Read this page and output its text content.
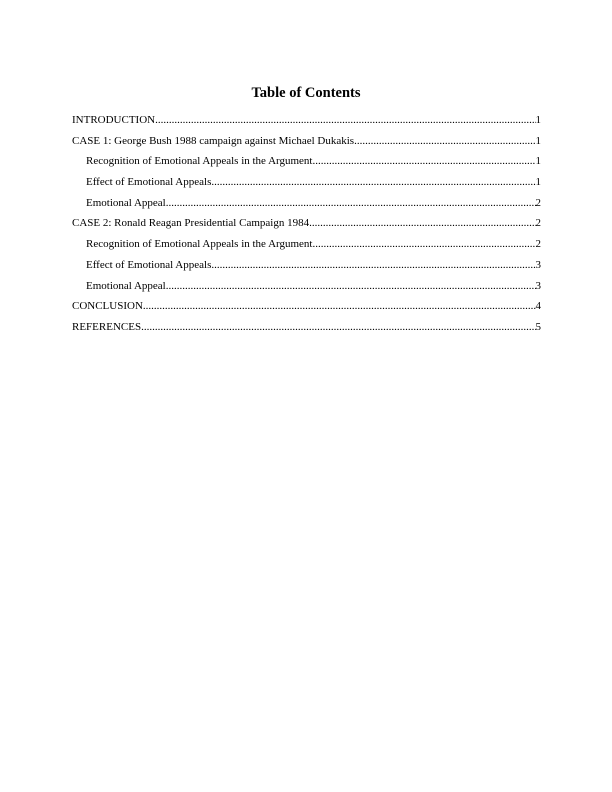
Table of Contents
INTRODUCTION .....	1
CASE 1: George Bush 1988 campaign against Michael Dukakis .....	1
Recognition of Emotional Appeals in the Argument .....	1
Effect of Emotional Appeals .....	1
Emotional Appeal .....	2
CASE 2: Ronald Reagan Presidential Campaign 1984 .....	2
Recognition of Emotional Appeals in the Argument .....	2
Effect of Emotional Appeals .....	3
Emotional Appeal .....	3
CONCLUSION .....	4
REFERENCES .....	5
